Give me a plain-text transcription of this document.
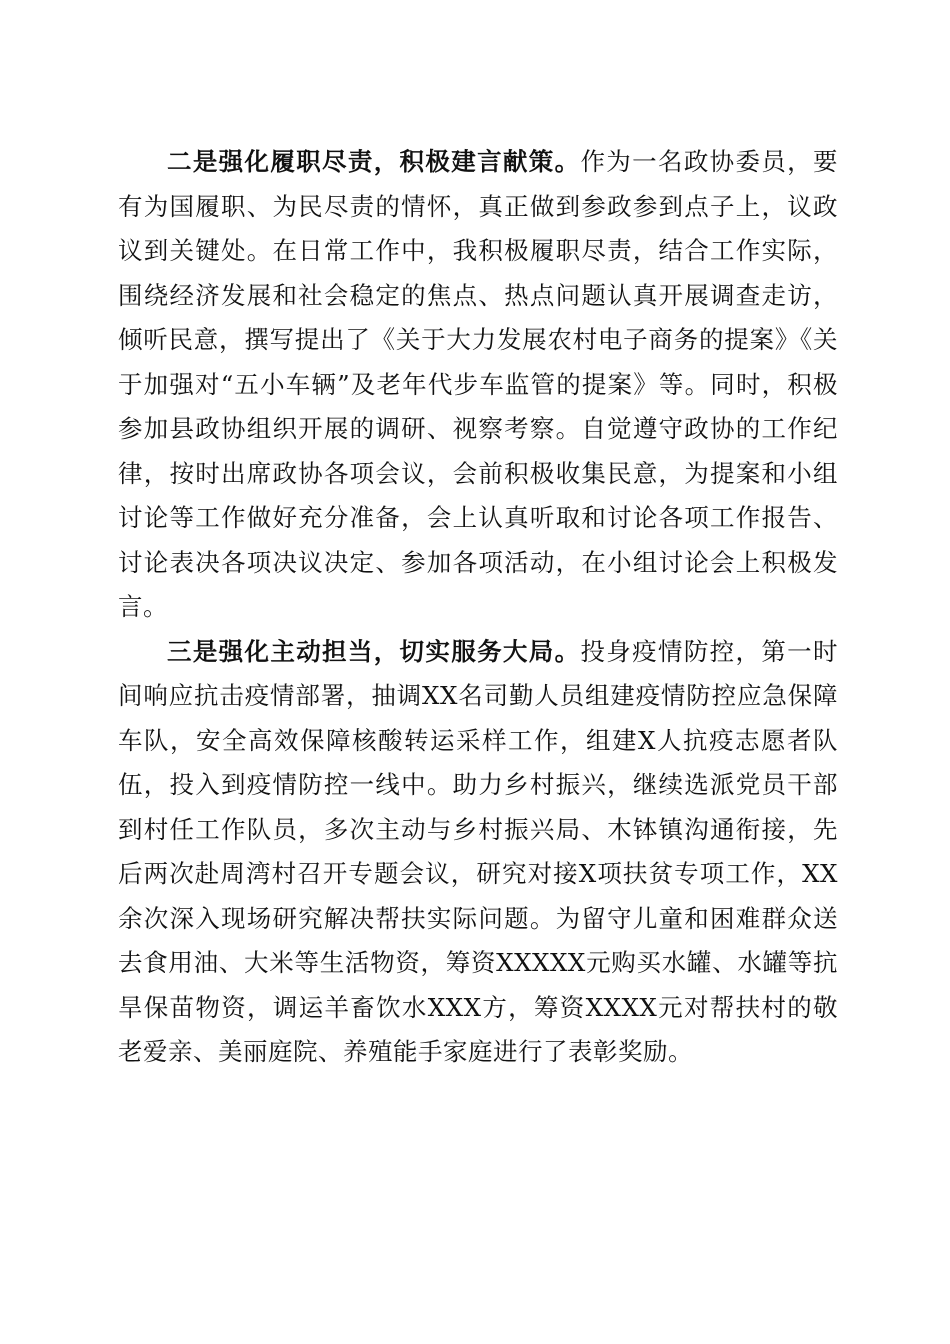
二是强化履职尽责，积极建言献策。作为一名政协委员，要有为国履职、为民尽责的情怀，真正做到参政参到点子上，议政议到关键处。在日常工作中，我积极履职尽责，结合工作实际，围绕经济发展和社会稳定的焦点、热点问题认真开展调查走访，倾听民意，撰写提出了《关于大力发展农村电子商务的提案》《关于加强对“五小车辆”及老年代步车监管的提案》等。同时，积极参加县政协组织开展的调研、视察考察。自觉遵守政协的工作纪律，按时出席政协各项会议，会前积极收集民意，为提案和小组讨论等工作做好充分准备，会上认真听取和讨论各项工作报告、讨论表决各项决议决定、参加各项活动，在小组讨论会上积极发言。

三是强化主动担当，切实服务大局。投身疫情防控，第一时间响应抗击疫情部署，抽调XX名司勤人员组建疫情防控应急保障车队，安全高效保障核酸转运采样工作，组建X人抗疫志愿者队伍，投入到疫情防控一线中。助力乡村振兴，继续选派党员干部到村任工作队员，多次主动与乡村振兴局、木钵镇沟通衔接，先后两次赴周湾村召开专题会议，研究对接X项扶贫专项工作，XX余次深入现场研究解决帮扶实际问题。为留守儿童和困难群众送去食用油、大米等生活物资，筹资XXXXX元购买水罐、水罐等抗旱保苗物资，调运羊畜饮水XXX方，筹资XXXX元对帮扶村的敬老爱亲、美丽庭院、养殖能手家庭进行了表彰奖励。
